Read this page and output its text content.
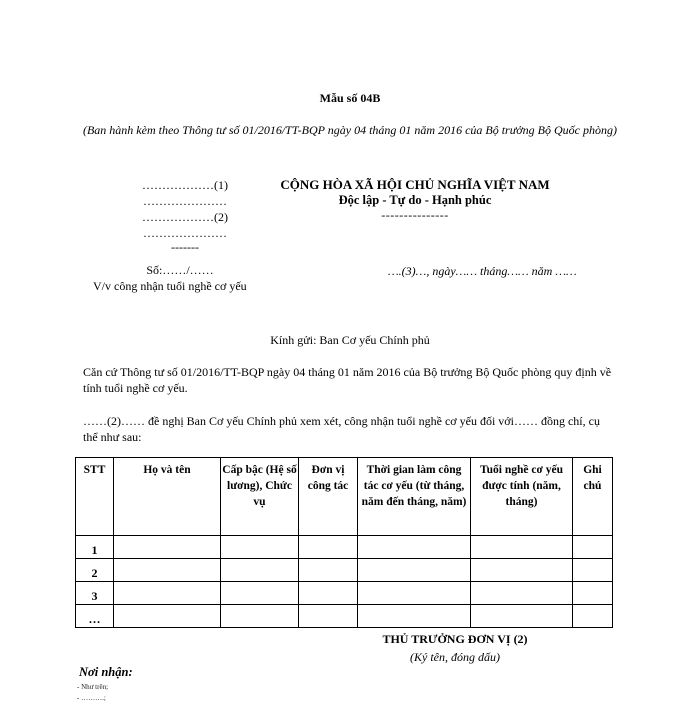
Mẫu số 04B
(Ban hành kèm theo Thông tư số 01/2016/TT-BQP ngày 04 tháng 01 năm 2016 của Bộ trưởng Bộ Quốc phòng)
………………(1)
…………………
………………(2)
…………………
-------
CỘNG HÒA XÃ HỘI CHỦ NGHĨA VIỆT NAM
Độc lập - Tự do - Hạnh phúc
---------------
Số:……/……
V/v công nhận tuổi nghề cơ yếu
….(3)…, ngày…… tháng…… năm ……
Kính gửi: Ban Cơ yếu Chính phủ
Căn cứ Thông tư số 01/2016/TT-BQP ngày 04 tháng 01 năm 2016 của Bộ trưởng Bộ Quốc phòng quy định về tính tuổi nghề cơ yếu.
……(2)…… đề nghị Ban Cơ yếu Chính phủ xem xét, công nhận tuổi nghề cơ yếu đối với…… đồng chí, cụ thể như sau:
STT	Họ và tên	Cấp bậc (Hệ số lương), Chức vụ	Đơn vị công tác	Thời gian làm công tác cơ yếu (từ tháng, năm đến tháng, năm)	Tuổi nghề cơ yếu được tính (năm, tháng)	Ghi chú
1						
2						
3						
…						
THỦ TRƯỞNG ĐƠN VỊ (2)
(Ký tên, đóng dấu)
Nơi nhận:
- Như trên;
- ……….;
